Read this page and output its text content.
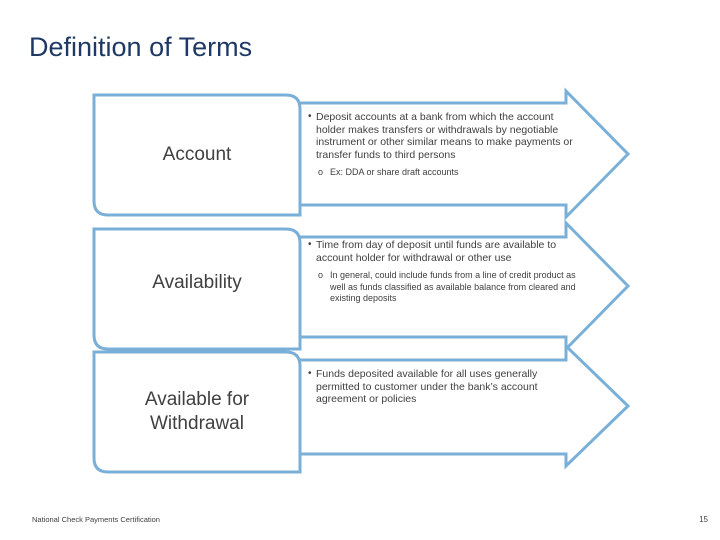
Definition of Terms
Account
• Deposit accounts at a bank from which the account holder makes transfers or withdrawals by negotiable instrument or other similar means to make payments or transfer funds to third persons
o Ex: DDA or share draft accounts
Availability
• Time from day of deposit until funds are available to account holder for withdrawal or other use
o In general, could include funds from a line of credit product as well as funds classified as available balance from cleared and existing deposits
Available for
Withdrawal
• Funds deposited available for all uses generally permitted to customer under the bank’s account agreement or policies
National Check Payments Certification	15
